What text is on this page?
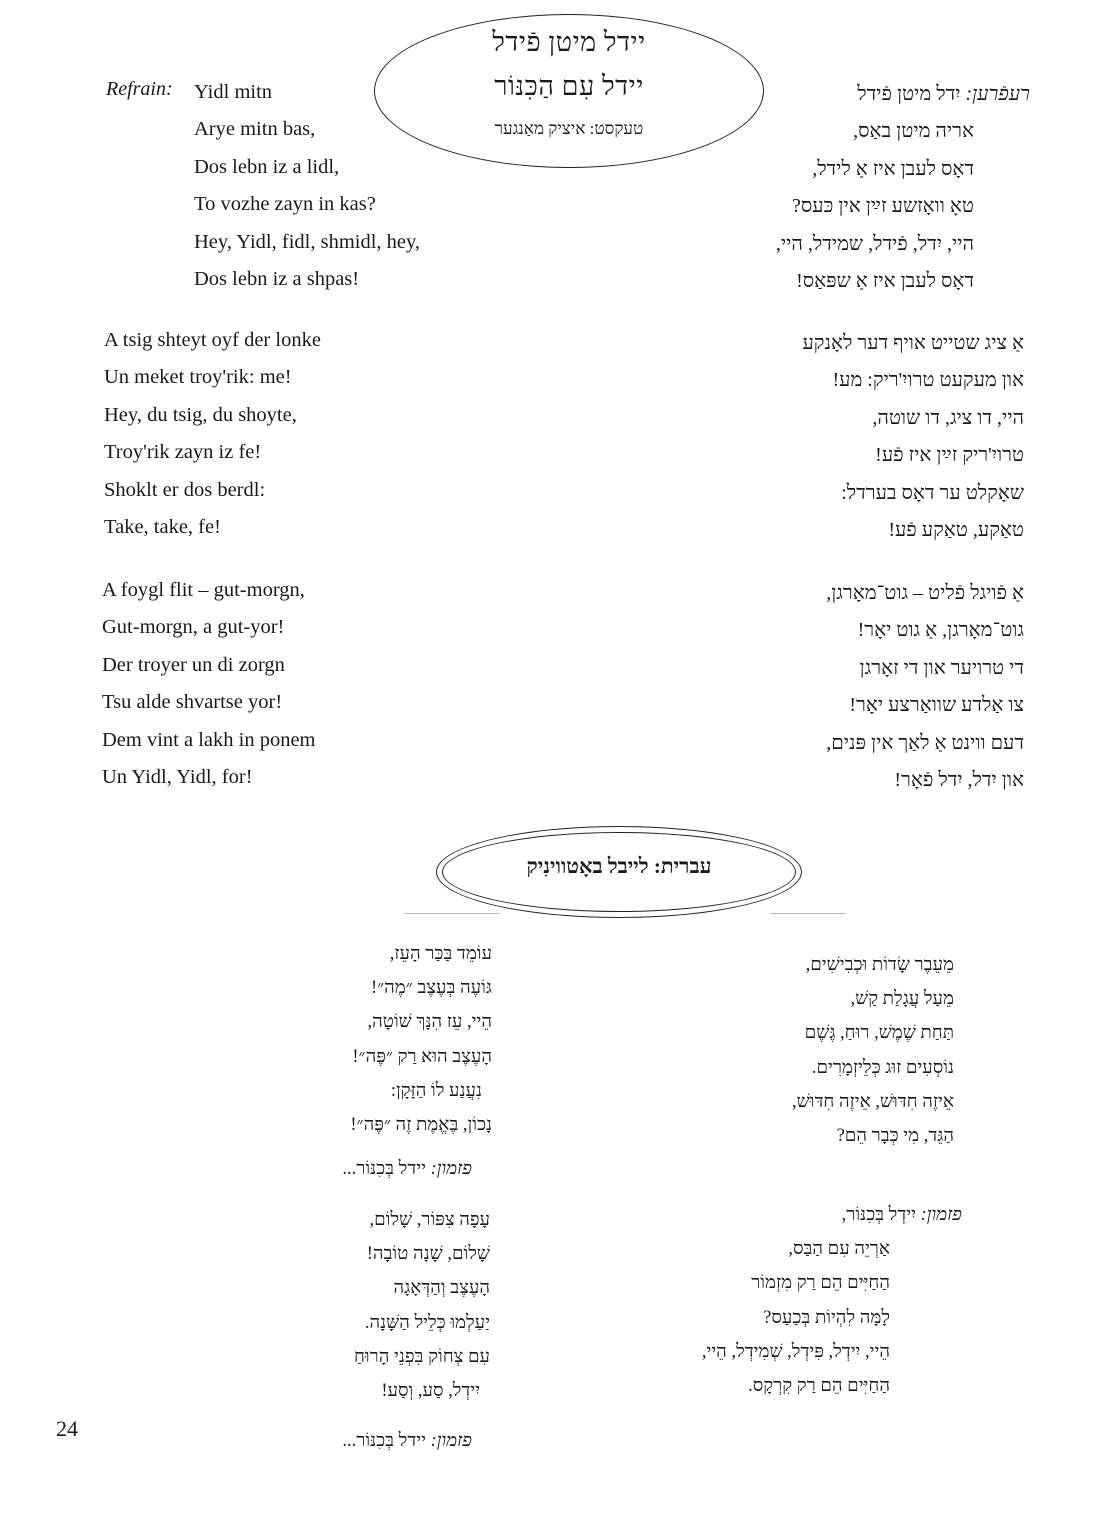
יידל מיטן פֿידל
יידל עִם הַכִּנּוֹר
טעקסט: איציק מאַנגער
Refrain: Yidl mitn
Arye mitn bas,
Dos lebn iz a lidl,
To vozhe zayn in kas?
Hey, Yidl, fidl, shmidl, hey,
Dos lebn iz a shpas!
A tsig shteyt oyf der lonke
Un meket troy'rik: me!
Hey, du tsig, du shoyte,
Troy'rik zayn iz fe!
Shoklt er dos berdl:
Take, take, fe!
A foygl flit – gut-morgn,
Gut-morgn, a gut-yor!
Der troyer un di zorgn
Tsu alde shvartse yor!
Dem vint a lakh in ponem
Un Yidl, Yidl, for!
רעפֿרען: יִדל מיטן פֿידל
אריה מיטן באַס,
דאָס לעבן איז אַ לידל,
טאָ וואָזשע זײַן אין כּעס?
היי, יִדל, פֿידל, שמידל, היי,
דאָס לעבן איז אַ שפּאַס!
אַ ציג שטייט אויף דער לאָנקע
און מעקעט טרויִ'ריק: מע!
היי, דו ציג, דו שוטה,
טרויִ'ריק זײַן איז פֿע!
שאָקלט ער דאָס בערדל:
טאַקע, טאַקע פֿע!
אַ פֿויגל פֿליט – גוט־מאָרגן,
גוט־מאָרגן, אַ גוט יאָר!
די טרויער און די זאָרגן
צו אַלדע שוואַרצע יאָר!
דעם ווינט אַ לאַך אין פּנים,
און יִדל, יִדל פֿאָר!
עברית: לייבל באָטווינִיק
עוֹמֵד בַּכַּר הָעֵז,
גּוֹעֶה בְּעֶצֶב ״מֶה״!
הֵיי, עֵז הִנָּךְ שׁוֹטָה,
הָעֶצֶב הוּא רַק ״פֶּה״!
נִעֲנַע לוֹ הַזָּקָן:
נָכוֹן, בֶּאֱמֶת זֶה ״פֶּה״!
פזמון: יידל בְּכִנּוֹר...
עָפָה צִפּוֹר, שָׁלוֹם,
שָׁלוֹם, שָׁנָה טוֹבָה!
הָעֶצֶב וְהַדְּאָגָה
יַעַלְמוּ כְּלֵיל הַשָּׁנָה.
עִם צְחוֹק בִּפְנֵי הָרוּחַ
יִידְל, סַע, וְסַע!
פזמון: יידל בְּכִנּוֹר...
מֵעֵבֶר שָׂדוֹת וּכְבִישִׁים,
מֵעַל עֲגָלַת קַשׁ,
תַּחַת שֶׁמֶשׁ, רוּחַ, גֶּשֶׁם
נוֹסְעִים זוּג כְּלֵיזְמָרִים.
אֵיזֶה חִדּוּשׁ, אֵיזֶה חִדּוּשׁ,
הַגֵּד, מִי כְּבָר הֵם?
פזמון: יִידְל בְּכִנּוֹר,
אַרְיֵה עִם הַבַּס,
הַחַיִּים הֵם רַק מִזְמוֹר
לָמָּה לִהְיוֹת בְּכַעַס?
הֵיי, יִידְל, פִּידְל, שְׁמִידְל, הֵיי,
הַחַיִּים הֵם רַק קִרְקָס.
24
